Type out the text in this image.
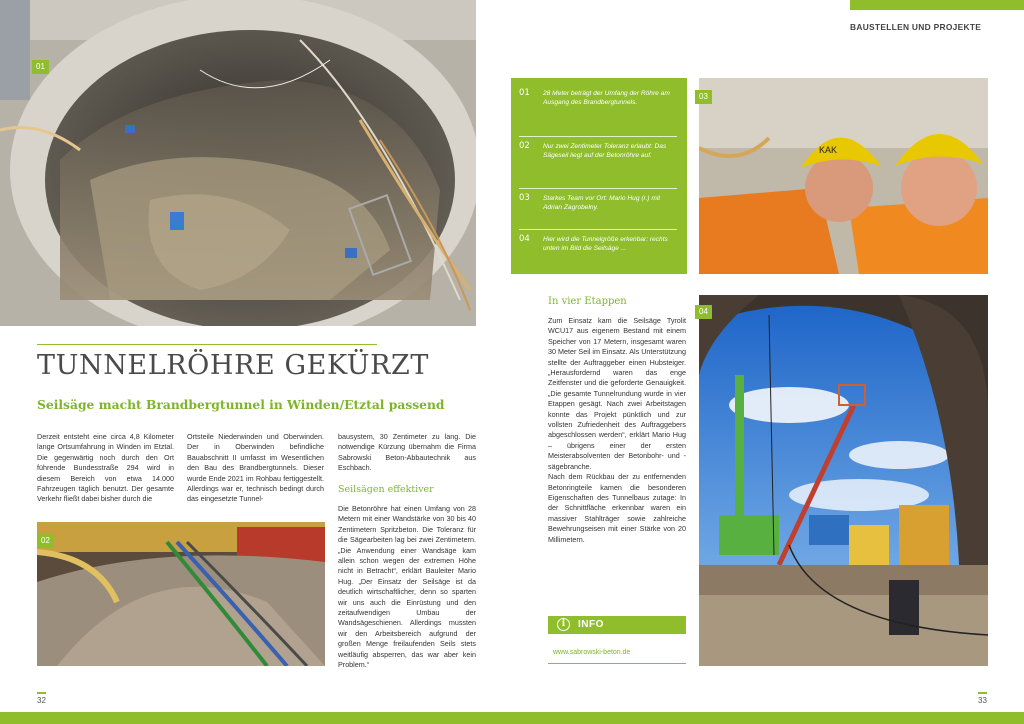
BAUSTELLEN UND PROJEKTE
01
TUNNELRÖHRE GEKÜRZT
Seilsäge macht Brandbergtunnel in Winden/Etztal passend
Derzeit entsteht eine circa 4,8 Kilometer lange Ortsumfahrung in Winden im Etztal. Die gegenwärtig noch durch den Ort führende Bundesstraße 294 wird in diesem Bereich von etwa 14.000 Fahrzeugen täglich benutzt. Der gesamte Verkehr fließt dabei bisher durch die
Ortsteile Niederwinden und Oberwinden. Der in Oberwinden befindliche Bauabschnitt II umfasst im Wesentlichen den Bau des Brandbergtunnels. Dieser wurde Ende 2021 im Rohbau fertiggestellt. Allerdings war er, technisch bedingt durch das eingesetzte Tunnel-
bausystem, 30 Zentimeter zu lang. Die notwendige Kürzung übernahm die Firma Sabrowski Beton-Abbautechnik aus Eschbach.
Seilsägen effektiver
Die Betonröhre hat einen Umfang von 28 Metern mit einer Wandstärke von 30 bis 40 Zentimetern Spritzbeton. Die Toleranz für die Sägearbeiten lag bei zwei Zentimetern. „Die Anwendung einer Wandsäge kam allein schon wegen der extremen Höhe nicht in Betracht“, erklärt Bauleiter Mario Hug. „Der Einsatz der Seilsäge ist da deutlich wirtschaftlicher, denn so sparten wir uns auch die Einrüstung und den zeitaufwendigen Umbau der Wandsägeschienen. Allerdings mussten wir den Arbeitsbereich aufgrund der großen Menge freilaufenden Seils stets weitläufig absperren, das war aber kein Problem.“
02
01 28 Meter beträgt der Umfang der Röhre am Ausgang des Brandbergtunnels.
02 Nur zwei Zentimeter Toleranz erlaubt: Das Sägeseil liegt auf der Betonröhre auf.
03 Starkes Team vor Ort: Mario Hug (r.) mit Adrian Zagrobelny.
04 Hier wird die Tunnelgröße erkenbar: rechts unten im Bild die Seilsäge ...
KAK
03
In vier Etappen
Zum Einsatz kam die Seilsäge Tyrolit WCU17 aus eigenem Bestand mit einem Speicher von 17 Metern, insgesamt waren 30 Meter Seil im Einsatz. Als Unterstützung stellte der Auftraggeber einen Hubsteiger. „Herausfordernd waren das enge Zeitfenster und die geforderte Genauigkeit. „Die gesamte Tunnelrundung wurde in vier Etappen gesägt. Nach zwei Arbeitstagen konnte das Projekt pünktlich und zur vollsten Zufriedenheit des Auftraggebers abgeschlossen werden“, erklärt Mario Hug – übrigens einer der ersten Meisterabsolventen der Betonbohr- und -sägebranche.
Nach dem Rückbau der zu entfernenden Betonringteile kamen die besonderen Eigenschaften des Tunnelbaus zutage: In der Schnittfläche erkennbar waren ein massiver Stahlträger sowie zahlreiche Bewehrungseisen mit einer Stärke von 20 Millimetern.
i	INFO
www.sabrowski-beton.de
04
32	33
